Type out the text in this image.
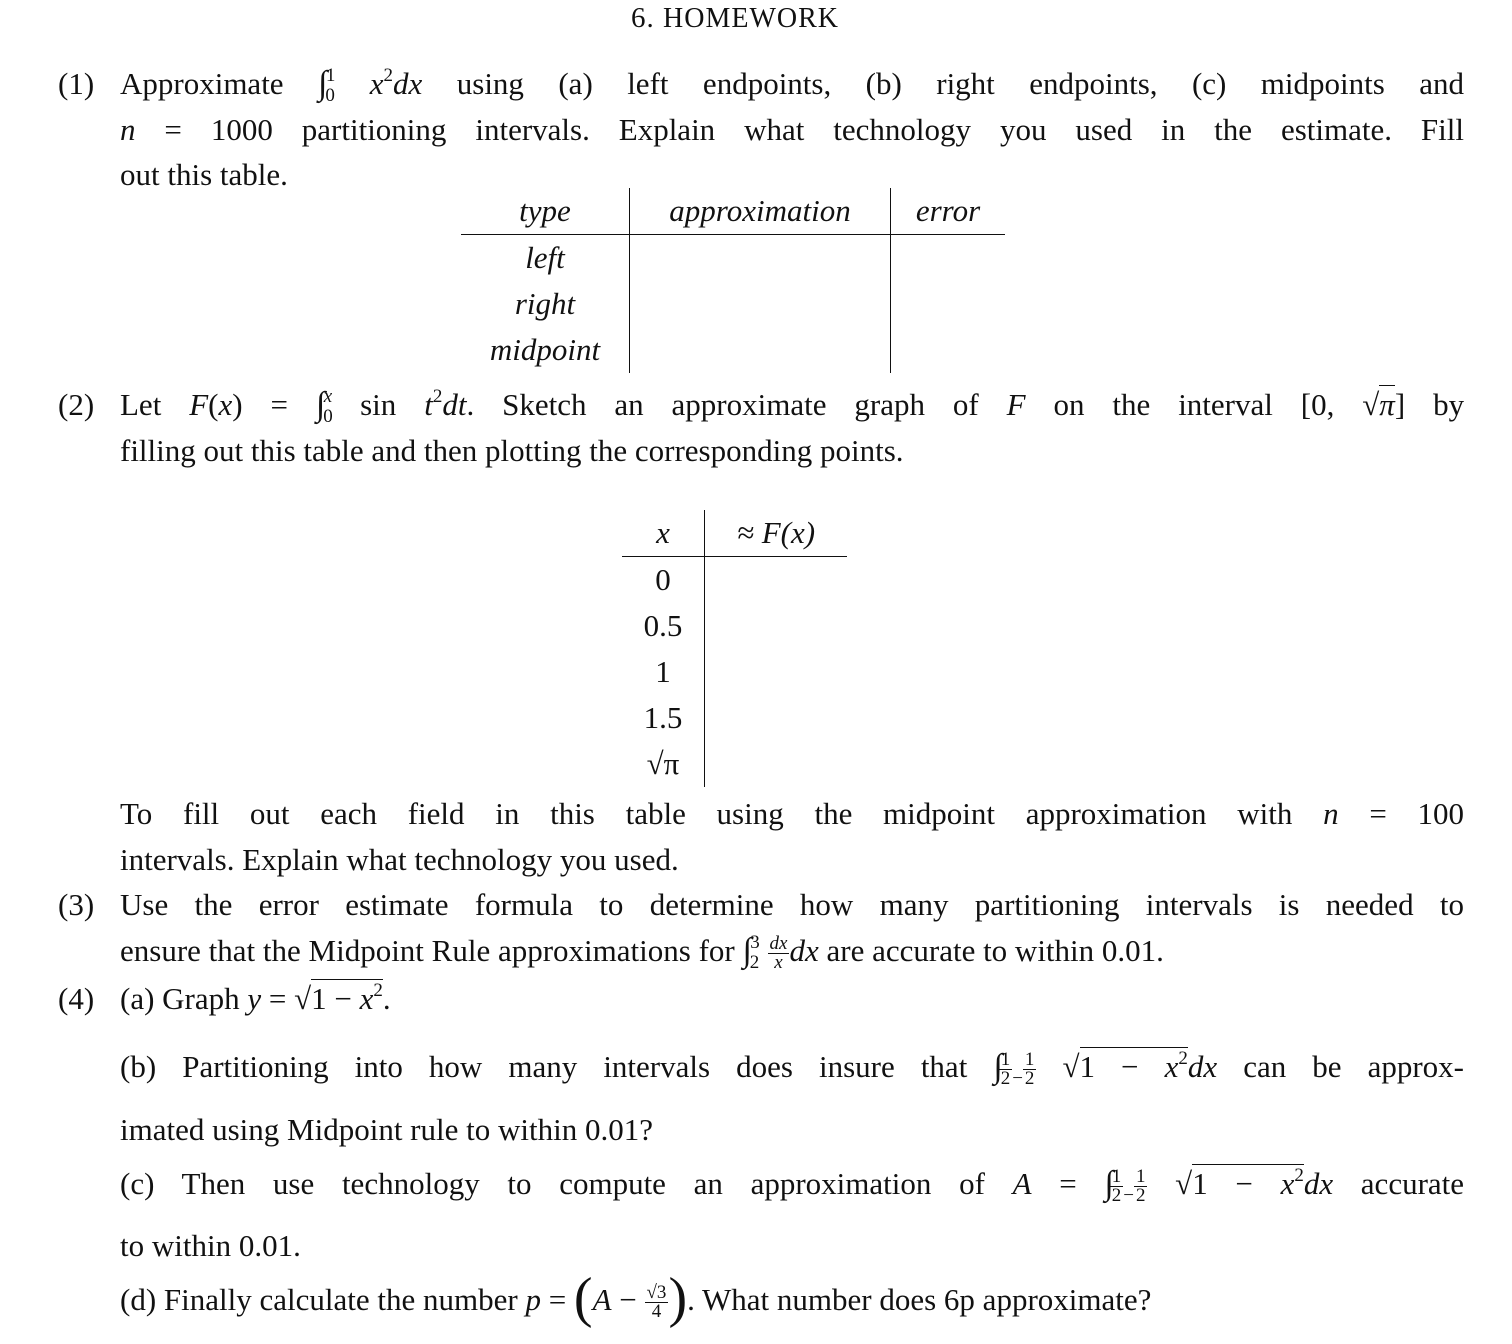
6. HOMEWORK
(1) Approximate $\int_0^1$ $x^2dx$ using (a) left endpoints, (b) right endpoints, (c) midpoints and
n = 1000 partitioning intervals. Explain what technology you used in the estimate. Fill
out this table.
type	approximation	error
left		
right		
midpoint		
(2) Let $F(x) = \int_0^x$ $\sin t^2dt$. Sketch an approximate graph of F on the interval [0, √π] by
filling out this table and then plotting the corresponding points.
x	≈ F(x)
0	
0.5	
1	
1.5	
√π	
To fill out each field in this table using the midpoint approximation with n = 100
intervals. Explain what technology you used.
(3) Use the error estimate formula to determine how many partitioning intervals is needed to
ensure that the Midpoint Rule approximations for $\int_2^3 \frac{dx}{x}$ dx are accurate to within 0.01.
(4) (a) Graph $y = √1 - x^2$.
(b) Partitioning into how many intervals does insure that ∫
$\frac{1}{2} _- \frac{1}{2} √1 - x^2dx$ can be approx-
imated using Midpoint rule to within 0.01?
(c) Then use technology to compute an approximation of A = ∫
$\frac{1}{2} _- \frac{1}{2} √1 - x^2dx$ accurate
to within 0.01.
(d) Finally calculate the number $p = (A - \frac{√3}{4}$ ). What number does 6p approximate?
